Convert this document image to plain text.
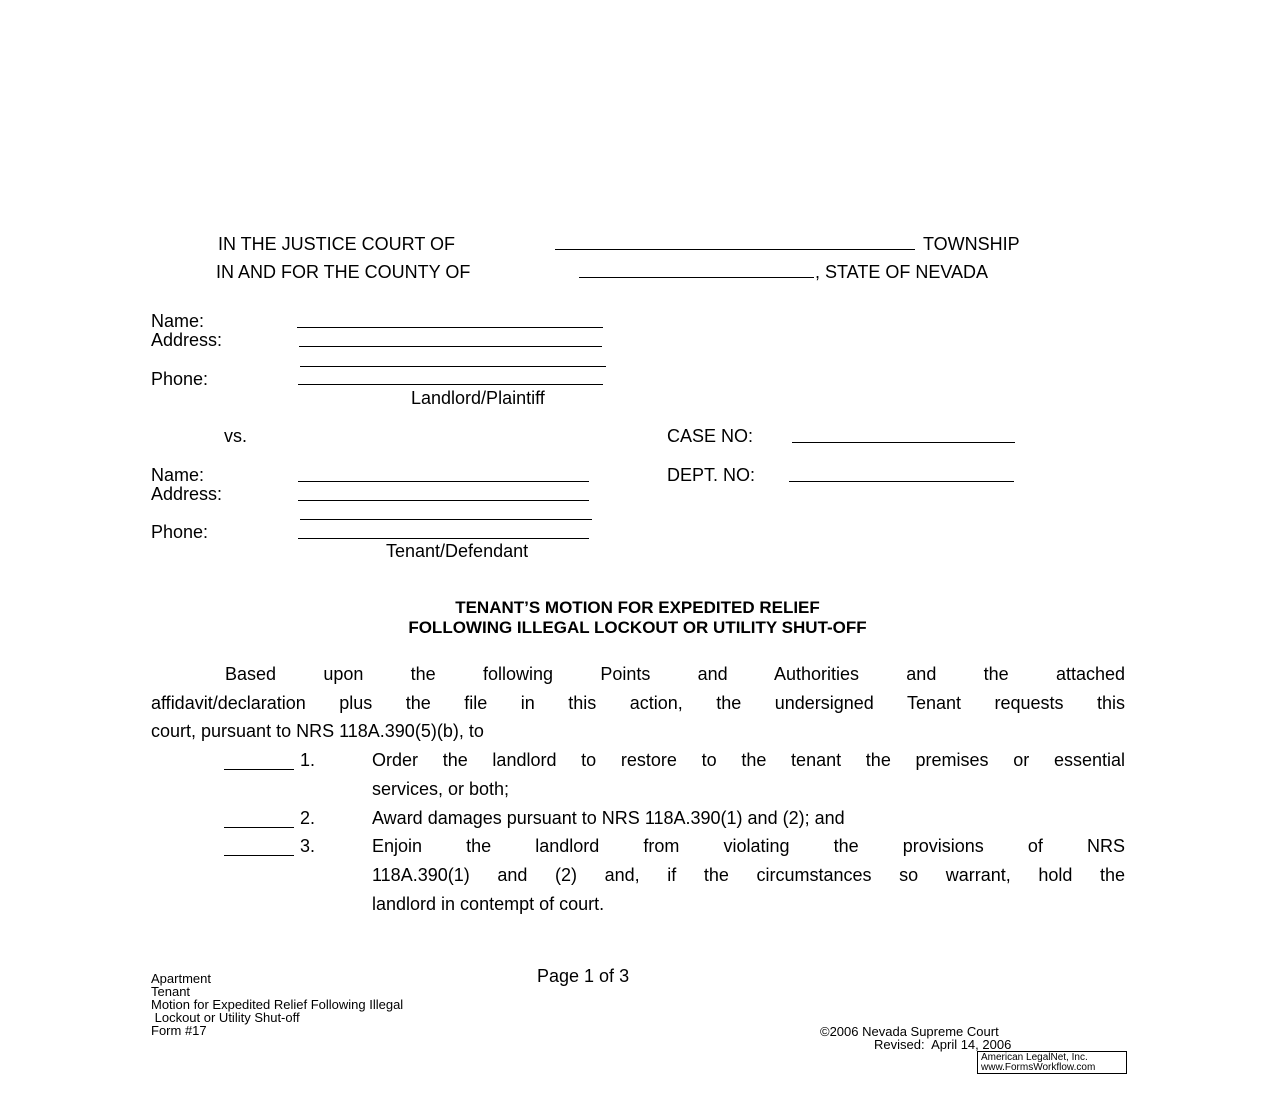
IN THE JUSTICE COURT OF	TOWNSHIP
IN AND FOR THE COUNTY OF	, STATE OF NEVADA
Name:
Address:
Phone:
Landlord/Plaintiff
vs.	CASE NO:
DEPT. NO:
Name:
Address:
Phone:
Tenant/Defendant
TENANT’S MOTION FOR EXPEDITED RELIEF
FOLLOWING ILLEGAL LOCKOUT OR UTILITY SHUT-OFF
Based upon the following Points and Authorities and the attached
affidavit/declaration plus the file in this action, the undersigned Tenant requests this
court, pursuant to NRS 118A.390(5)(b), to
1.	Order the landlord to restore to the tenant the premises or essential
services, or both;
2.	Award damages pursuant to NRS 118A.390(1) and (2); and
3.	Enjoin the landlord from violating the provisions of NRS
118A.390(1) and (2) and, if the circumstances so warrant, hold the
landlord in contempt of court.
Apartment
Tenant
Motion for Expedited Relief Following Illegal
Lockout or Utility Shut-off
Form #17
Page 1 of 3
©2006 Nevada Supreme Court
Revised:  April 14, 2006
American LegalNet, Inc.
www.FormsWorkflow.com
